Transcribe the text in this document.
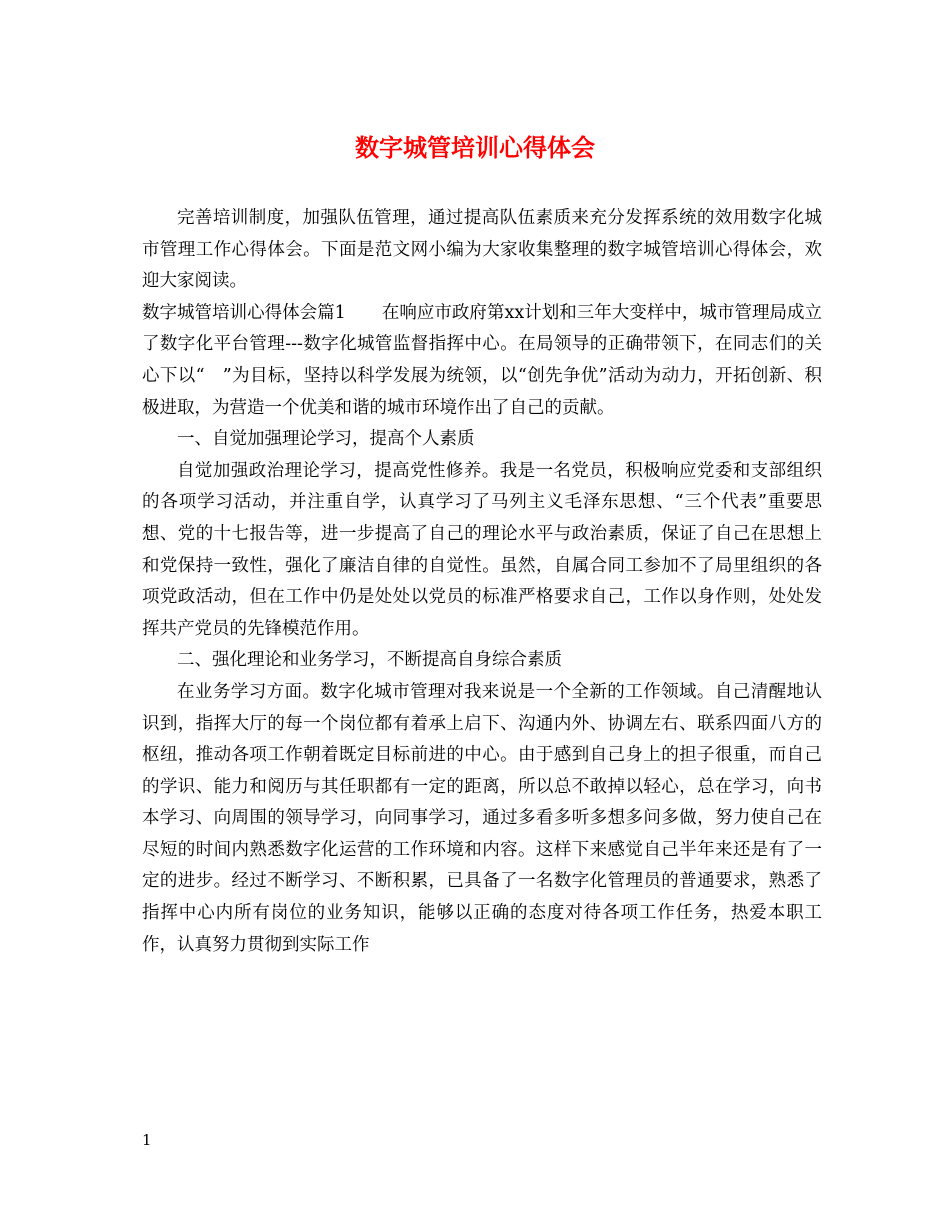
数字城管培训心得体会

完善培训制度，加强队伍管理，通过提高队伍素质来充分发挥系统的效用数字化城市管理工作心得体会。下面是范文网小编为大家收集整理的数字城管培训心得体会，欢迎大家阅读。

数字城管培训心得体会篇1 在响应市政府第xx计划和三年大变样中，城市管理局成立了数字化平台管理---数字化城管监督指挥中心。在局领导的正确带领下，在同志们的关心下以“　”为目标，坚持以科学发展为统领，以“创先争优”活动为动力，开拓创新、积极进取，为营造一个优美和谐的城市环境作出了自己的贡献。

一、自觉加强理论学习，提高个人素质

自觉加强政治理论学习，提高党性修养。我是一名党员，积极响应党委和支部组织的各项学习活动，并注重自学，认真学习了马列主义毛泽东思想、“三个代表”重要思想、党的十七报告等，进一步提高了自己的理论水平与政治素质，保证了自己在思想上和党保持一致性，强化了廉洁自律的自觉性。虽然，自属合同工参加不了局里组织的各项党政活动，但在工作中仍是处处以党员的标准严格要求自己，工作以身作则，处处发挥共产党员的先锋模范作用。

二、强化理论和业务学习，不断提高自身综合素质

在业务学习方面。数字化城市管理对我来说是一个全新的工作领域。自己清醒地认识到，指挥大厅的每一个岗位都有着承上启下、沟通内外、协调左右、联系四面八方的枢纽，推动各项工作朝着既定目标前进的中心。由于感到自己身上的担子很重，而自己的学识、能力和阅历与其任职都有一定的距离，所以总不敢掉以轻心，总在学习，向书本学习、向周围的领导学习，向同事学习，通过多看多听多想多问多做，努力使自己在尽短的时间内熟悉数字化运营的工作环境和内容。这样下来感觉自己半年来还是有了一定的进步。经过不断学习、不断积累，已具备了一名数字化管理员的普通要求，熟悉了指挥中心内所有岗位的业务知识，能够以正确的态度对待各项工作任务，热爱本职工作，认真努力贯彻到实际工作

1
